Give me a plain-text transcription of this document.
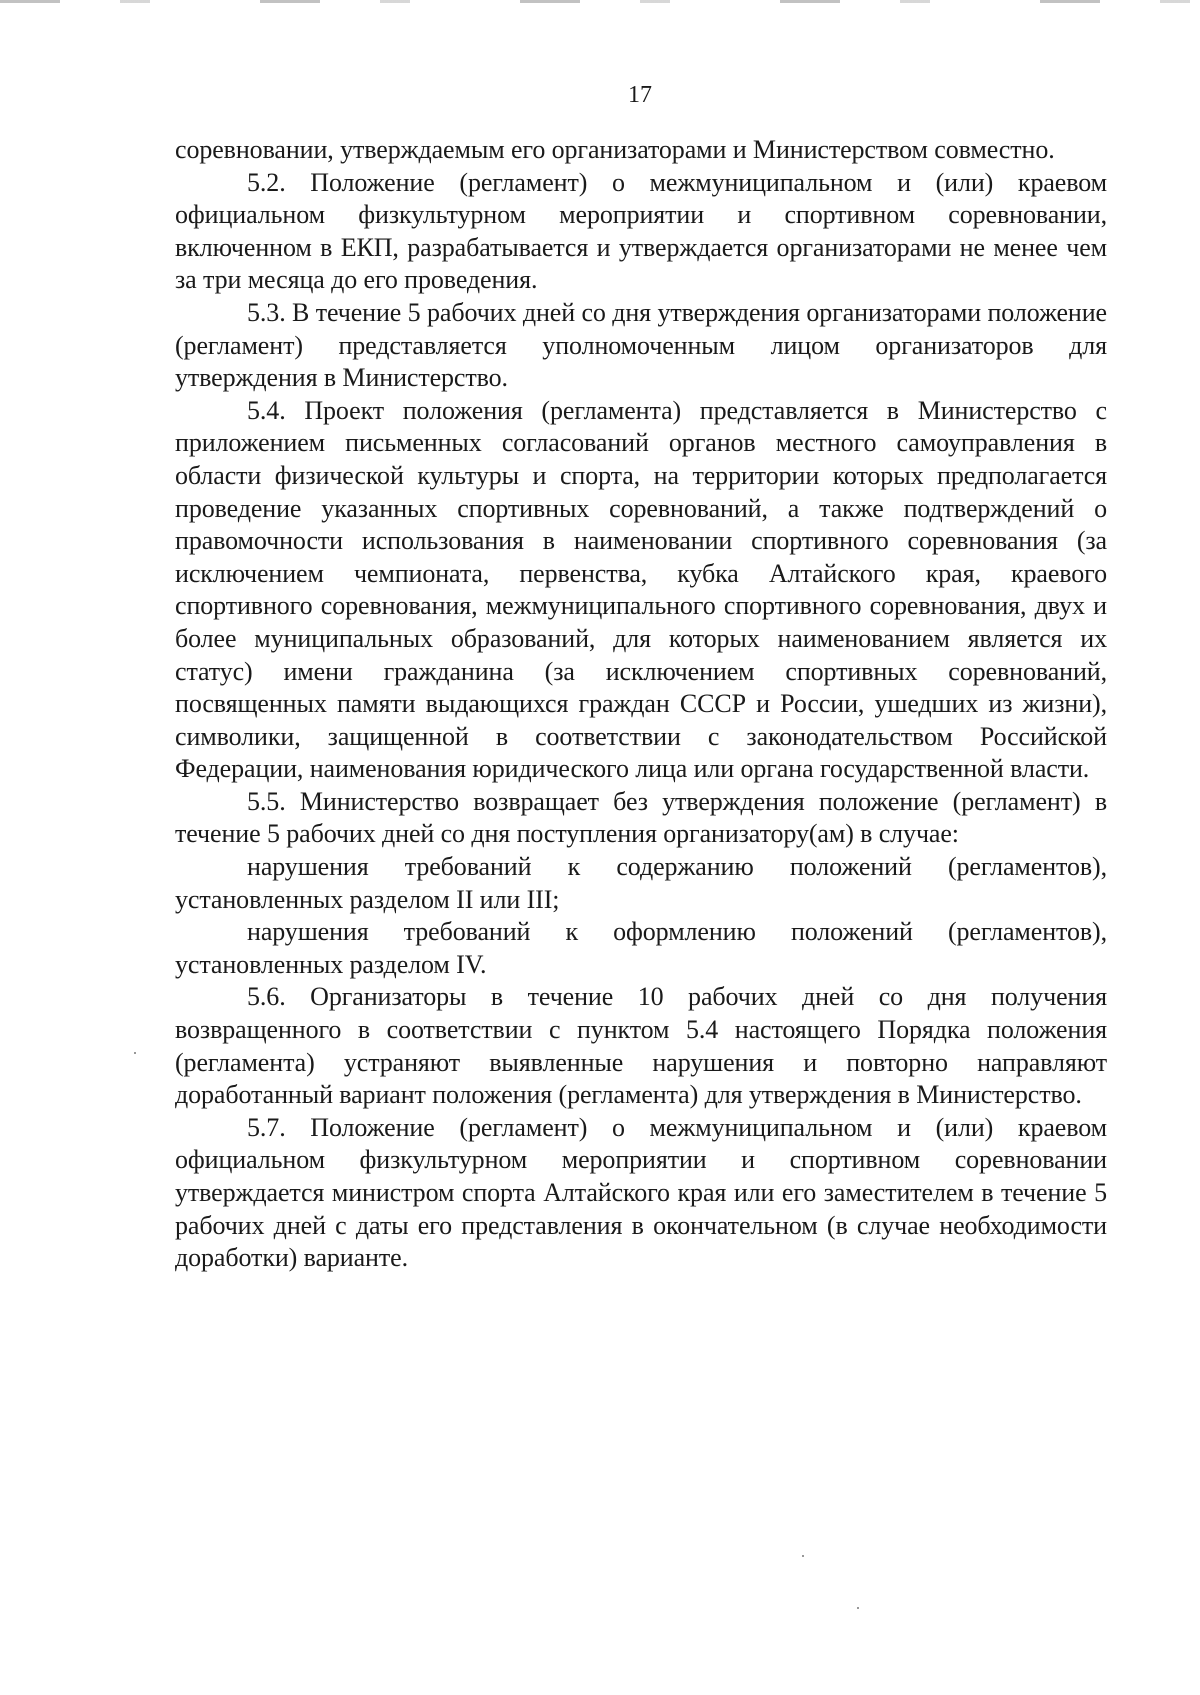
17

соревновании, утверждаемым его организаторами и Министерством совместно.

5.2. Положение (регламент) о межмуниципальном и (или) краевом официальном физкультурном мероприятии и спортивном соревновании, включенном в ЕКП, разрабатывается и утверждается организаторами не менее чем за три месяца до его проведения.

5.3. В течение 5 рабочих дней со дня утверждения организаторами положение (регламент) представляется уполномоченным лицом организаторов для утверждения в Министерство.

5.4. Проект положения (регламента) представляется в Министерство с приложением письменных согласований органов местного самоуправления в области физической культуры и спорта, на территории которых предполагается проведение указанных спортивных соревнований, а также подтверждений о правомочности использования в наименовании спортивного соревнования (за исключением чемпионата, первенства, кубка Алтайского края, краевого спортивного соревнования, межмуниципального спортивного соревнования, двух и более муниципальных образований, для которых наименованием является их статус) имени гражданина (за исключением спортивных соревнований, посвященных памяти выдающихся граждан СССР и России, ушедших из жизни), символики, защищенной в соответствии с законодательством Российской Федерации, наименования юридического лица или органа государственной власти.

5.5. Министерство возвращает без утверждения положение (регламент) в течение 5 рабочих дней со дня поступления организатору(ам) в случае:

нарушения требований к содержанию положений (регламентов), установленных разделом II или III;

нарушения требований к оформлению положений (регламентов), установленных разделом IV.

5.6. Организаторы в течение 10 рабочих дней со дня получения возвращенного в соответствии с пунктом 5.4 настоящего Порядка положения (регламента) устраняют выявленные нарушения и повторно направляют доработанный вариант положения (регламента) для утверждения в Министерство.

5.7. Положение (регламент) о межмуниципальном и (или) краевом официальном физкультурном мероприятии и спортивном соревновании утверждается министром спорта Алтайского края или его заместителем в течение 5 рабочих дней с даты его представления в окончательном (в случае необходимости доработки) варианте.
